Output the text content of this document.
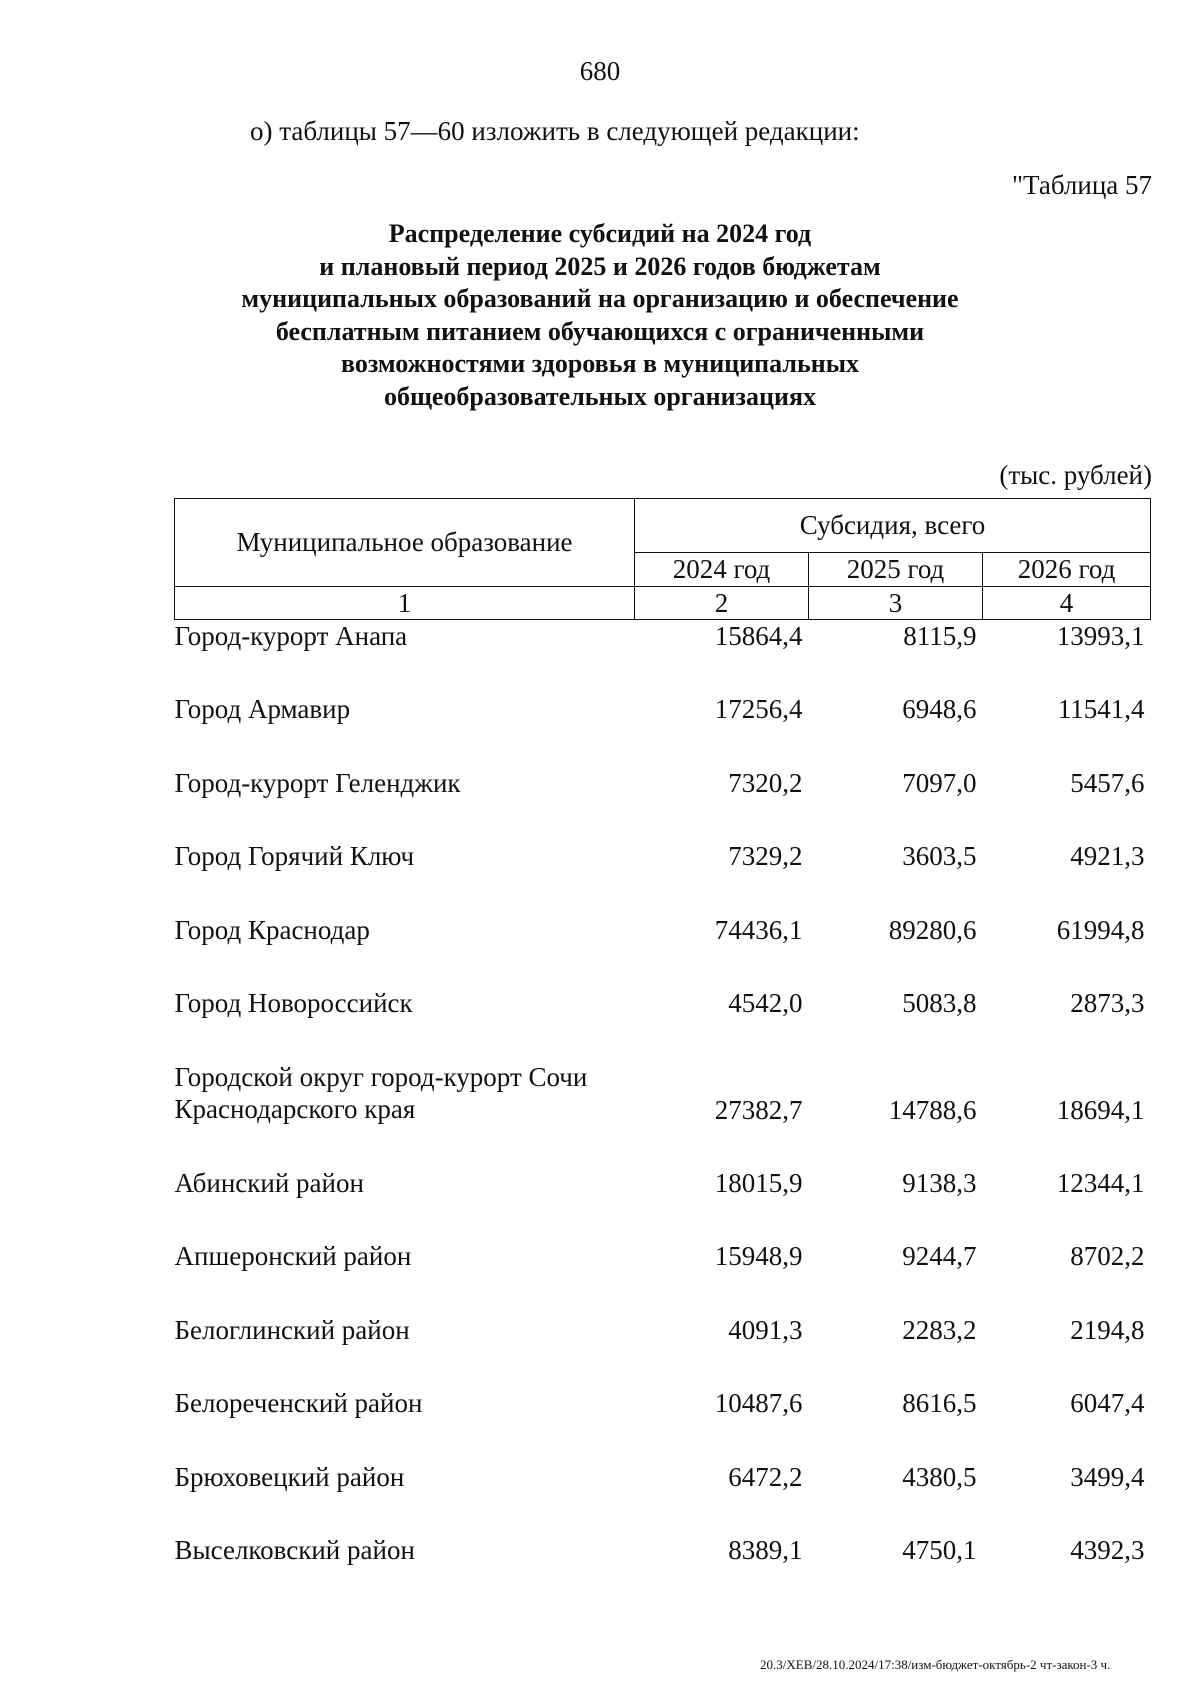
680
о) таблицы 57—60 изложить в следующей редакции:
"Таблица 57
Распределение субсидий на 2024 год
и плановый период 2025 и 2026 годов бюджетам
муниципальных образований на организацию и обеспечение
бесплатным питанием обучающихся с ограниченными
возможностями здоровья в муниципальных
общеобразовательных организациях
(тыс. рублей)
Муниципальное образование	Субсидия, всего		
	2024 год	2025 год	2026 год
1	2	3	4
Город-курорт Анапа	15864,4	8115,9	13993,1
Город Армавир	17256,4	6948,6	11541,4
Город-курорт Геленджик	7320,2	7097,0	5457,6
Город Горячий Ключ	7329,2	3603,5	4921,3
Город Краснодар	74436,1	89280,6	61994,8
Город Новороссийск	4542,0	5083,8	2873,3

Городской округ город-курорт Сочи
Краснодарского края	27382,7	14788,6	18694,1
Абинский район	18015,9	9138,3	12344,1
Апшеронский район	15948,9	9244,7	8702,2
Белоглинский район	4091,3	2283,2	2194,8
Белореченский район	10487,6	8616,5	6047,4
Брюховецкий район	6472,2	4380,5	3499,4
Выселковский район	8389,1	4750,1	4392,3
20.3/ХЕВ/28.10.2024/17:38/изм-бюджет-октябрь-2 чт-закон-3 ч.
